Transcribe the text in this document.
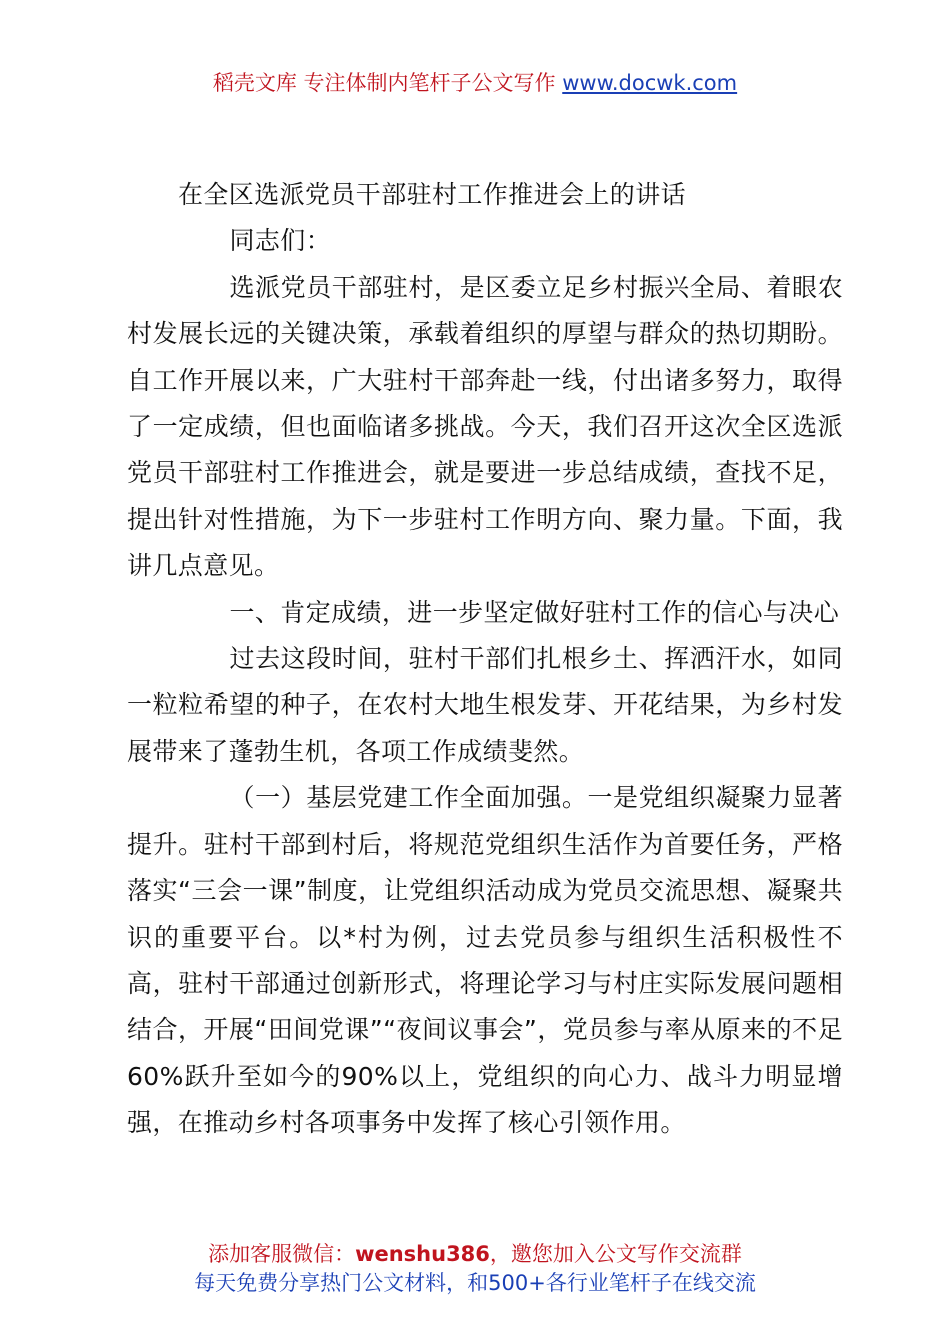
稻壳文库 专注体制内笔杆子公文写作 www.docwk.com

在全区选派党员干部驻村工作推进会上的讲话

同志们：

选派党员干部驻村，是区委立足乡村振兴全局、着眼农村发展长远的关键决策，承载着组织的厚望与群众的热切期盼。自工作开展以来，广大驻村干部奔赴一线，付出诸多努力，取得了一定成绩，但也面临诸多挑战。今天，我们召开这次全区选派党员干部驻村工作推进会，就是要进一步总结成绩，查找不足，提出针对性措施，为下一步驻村工作明方向、聚力量。下面，我讲几点意见。

一、肯定成绩，进一步坚定做好驻村工作的信心与决心

过去这段时间，驻村干部们扎根乡土、挥洒汗水，如同一粒粒希望的种子，在农村大地生根发芽、开花结果，为乡村发展带来了蓬勃生机，各项工作成绩斐然。

（一）基层党建工作全面加强。一是党组织凝聚力显著提升。驻村干部到村后，将规范党组织生活作为首要任务，严格落实“三会一课”制度，让党组织活动成为党员交流思想、凝聚共识的重要平台。以*村为例，过去党员参与组织生活积极性不高，驻村干部通过创新形式，将理论学习与村庄实际发展问题相结合，开展“田间党课”“夜间议事会”，党员参与率从原来的不足60%跃升至如今的90%以上，党组织的向心力、战斗力明显增强，在推动乡村各项事务中发挥了核心引领作用。

添加客服微信：wenshu386，邀您加入公文写作交流群
每天免费分享热门公文材料，和500+各行业笔杆子在线交流
